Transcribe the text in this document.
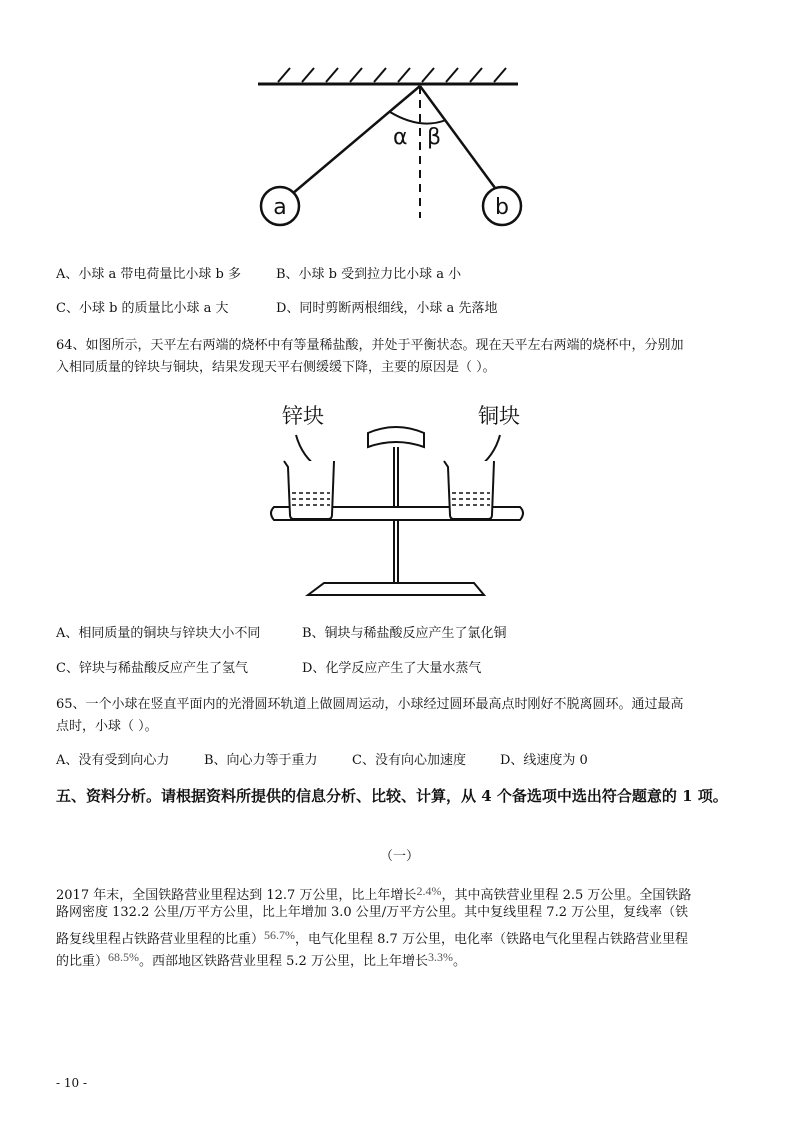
α β
a	b
A、小球 a 带电荷量比小球 b 多	B、小球 b 受到拉力比小球 a 小
C、小球 b 的质量比小球 a 大	D、同时剪断两根细线，小球 a 先落地
64、如图所示，天平左右两端的烧杯中有等量稀盐酸，并处于平衡状态。现在天平左右两端的烧杯中，分别加
入相同质量的锌块与铜块，结果发现天平右侧缓缓下降，主要的原因是（ ）。
锌块	铜块
A、相同质量的铜块与锌块大小不同	B、铜块与稀盐酸反应产生了氯化铜
C、锌块与稀盐酸反应产生了氢气	D、化学反应产生了大量水蒸气
65、一个小球在竖直平面内的光滑圆环轨道上做圆周运动，小球经过圆环最高点时刚好不脱离圆环。通过最高
点时，小球（ ）。
A、没有受到向心力	B、向心力等于重力	C、没有向心加速度	D、线速度为 0
五、资料分析。请根据资料所提供的信息分析、比较、计算，从 4 个备选项中选出符合题意的 1 项。
（一）
2017 年末，全国铁路营业里程达到 12.7 万公里，比上年增长2.4%，其中高铁营业里程 2.5 万公里。全国铁路
路网密度 132.2 公里/万平方公里，比上年增加 3.0 公里/万平方公里。其中复线里程 7.2 万公里，复线率（铁
路复线里程占铁路营业里程的比重）56.7%，电气化里程 8.7 万公里，电化率（铁路电气化里程占铁路营业里程
的比重）68.5%。西部地区铁路营业里程 5.2 万公里，比上年增长3.3%。
- 10 -
